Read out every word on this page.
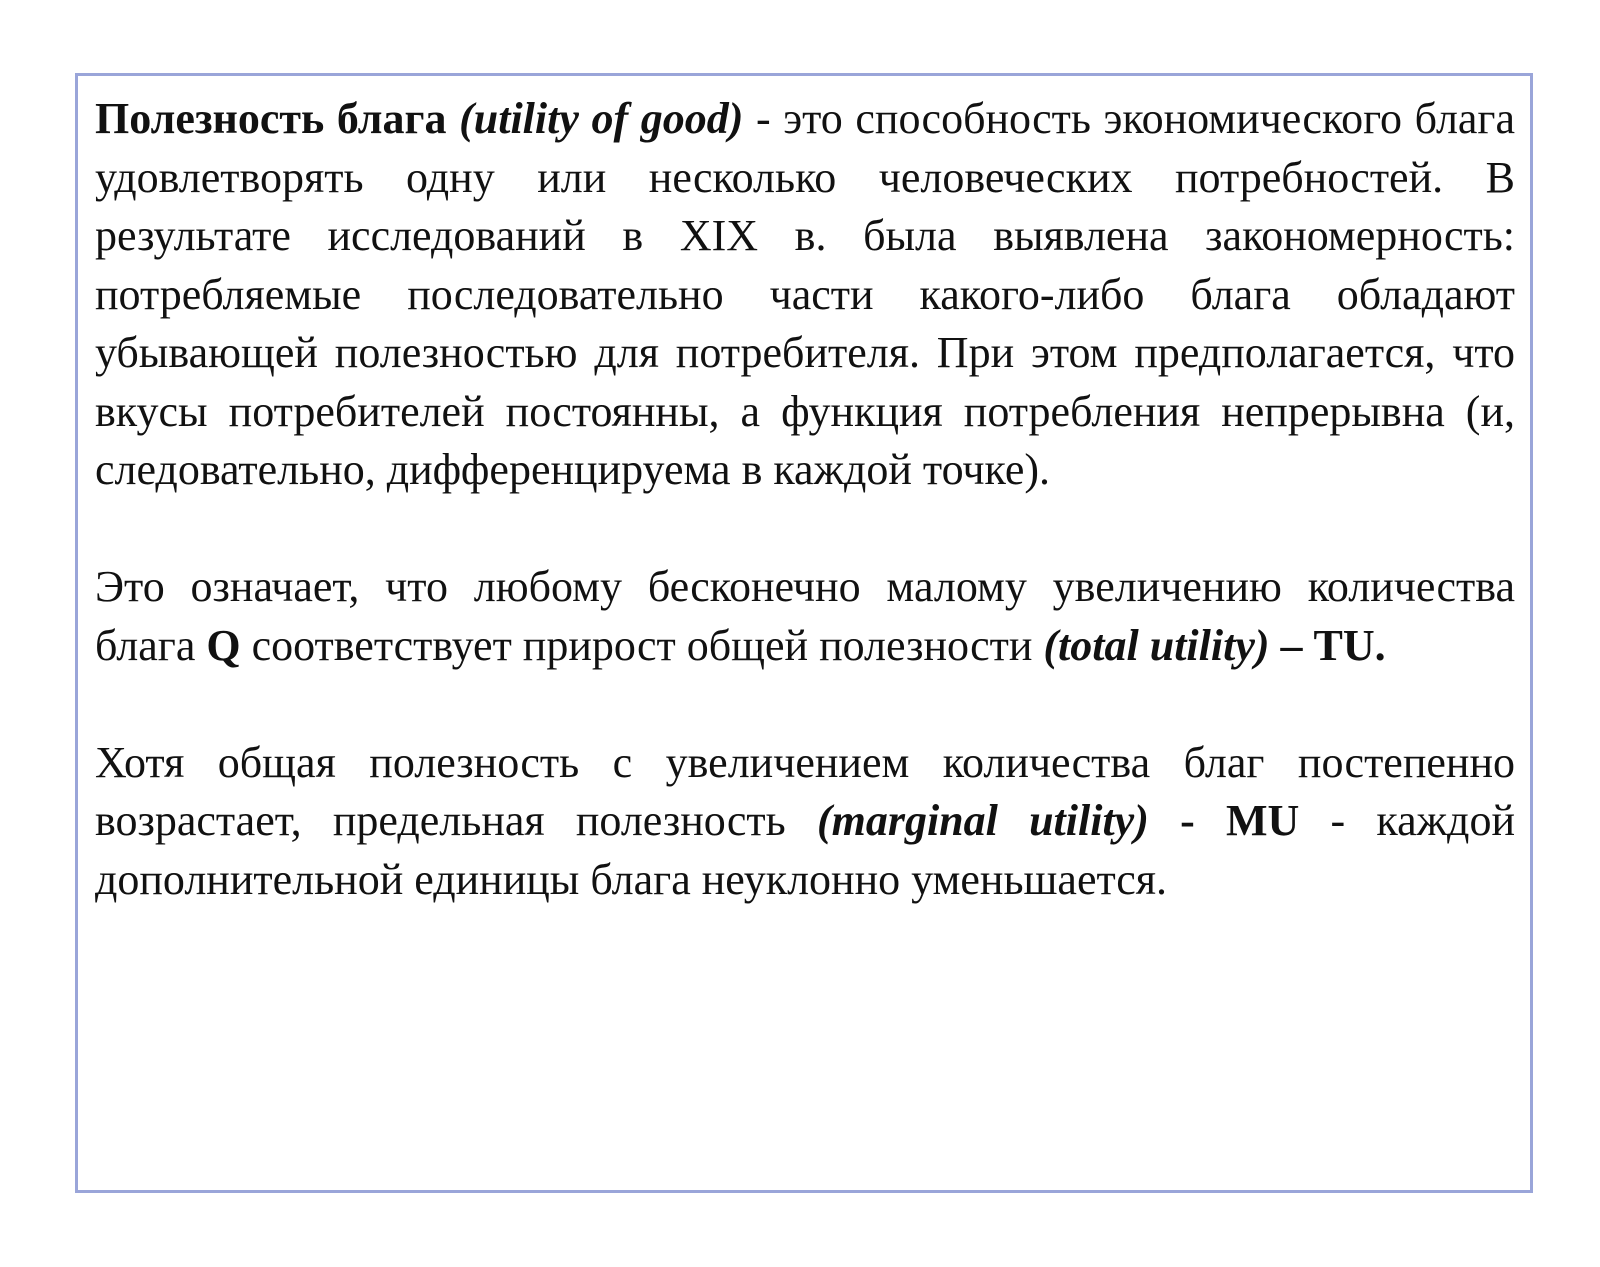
Полезность блага (utility of good) - это способность экономического блага удовлетворять одну или несколько человеческих потребностей. В результате исследований в XIX в. была выявлена закономерность: потребляемые последовательно части какого-либо блага обладают убывающей полезностью для потребителя. При этом предполагается, что вкусы потребителей постоянны, а функция потребления непрерывна (и, следовательно, дифференцируема в каждой точке).

Это означает, что любому бесконечно малому увеличению количества блага Q соответствует прирост общей полезности (total utility) – TU.

Хотя общая полезность с увеличением количества благ постепенно возрастает, предельная полезность (marginal utility) - MU - каждой дополнительной единицы блага неуклонно уменьшается.
